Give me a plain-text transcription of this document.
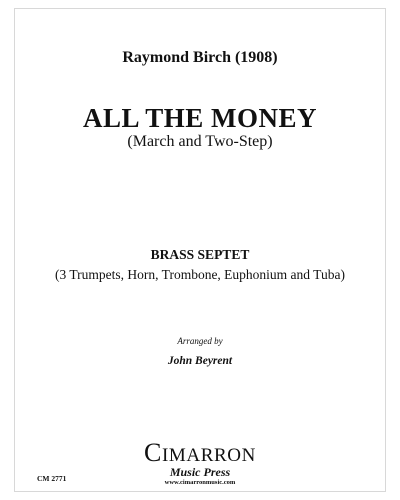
Raymond Birch (1908)
ALL THE MONEY
(March and Two-Step)
BRASS SEPTET
(3 Trumpets, Horn, Trombone, Euphonium and Tuba)
Arranged by
John Beyrent
CM 2771
CIMARRON
Music Press
www.cimarronmusic.com
